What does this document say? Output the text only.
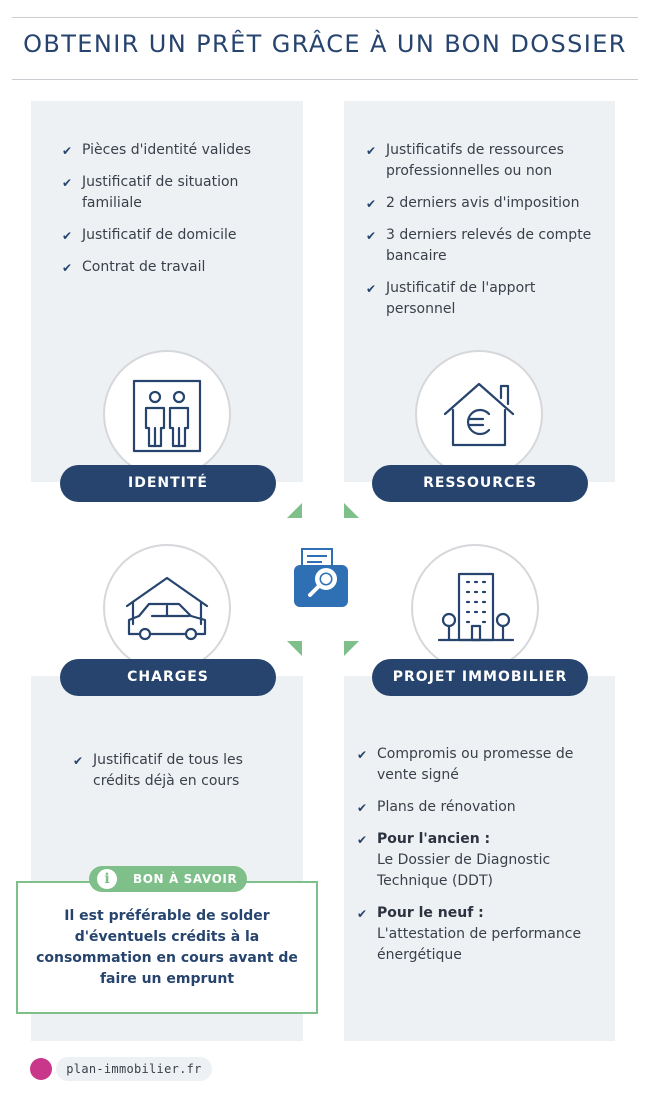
OBTENIR UN PRÊT GRÂCE À UN BON DOSSIER
✔ Pièces d'identité valides
✔ Justificatif de situation familiale
✔ Justificatif de domicile
✔ Contrat de travail
✔ Justificatifs de ressources professionnelles ou non
✔ 2 derniers avis d'imposition
✔ 3 derniers relevés de compte bancaire
✔ Justificatif de l'apport personnel
✔ Justificatif de tous les crédits déjà en cours
✔ Compromis ou promesse de vente signé
✔ Plans de rénovation
✔ Pour l'ancien :
Le Dossier de Diagnostic Technique (DDT)
✔ Pour le neuf :
L'attestation de performance énergétique
IDENTITÉ	RESSOURCES
CHARGES	PROJET IMMOBILIER
i	BON À SAVOIR
Il est préférable de solder d'éventuels crédits à la consommation en cours avant de faire un emprunt
plan-immobilier.fr
